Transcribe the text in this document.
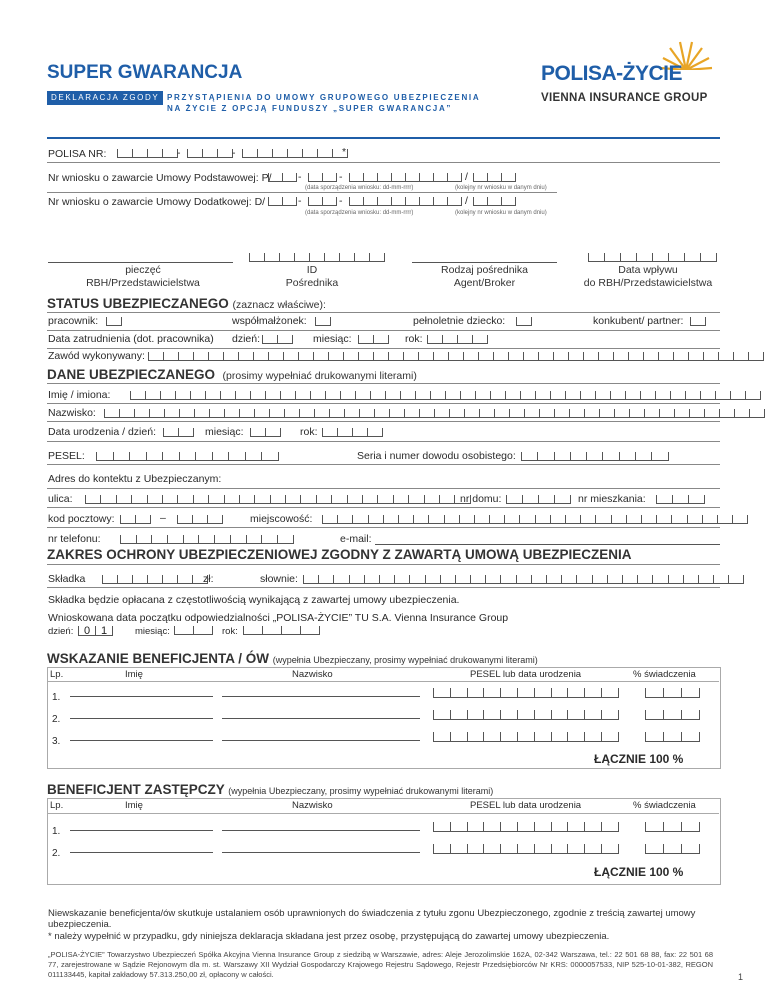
SUPER GWARANCJA
DEKLARACJA ZGODY PRZYSTĄPIENIA DO UMOWY GRUPOWEGO UBEZPIECZENIA
NA ŻYCIE Z OPCJĄ FUNDUSZY „SUPER GWARANCJA”
POLISA-ŻYCIE
VIENNA INSURANCE GROUP
POLISA NR:	-	-	*
Nr wniosku o zawarcie Umowy Podstawowej: P/	-	-	/
(data sporządzenia wniosku: dd-mm-rrrr)	(kolejny nr wniosku w danym dniu)
Nr wniosku o zawarcie Umowy Dodatkowej: D/	-	-	/
(data sporządzenia wniosku: dd-mm-rrrr)	(kolejny nr wniosku w danym dniu)
pieczęć
RBH/Przedstawicielstwa
ID
Pośrednika
Rodzaj pośrednika
Agent/Broker
Data wpływu
do RBH/Przedstawicielstwa
STATUS UBEZPIECZANEGO (zaznacz właściwe):
pracownik:	współmałżonek:	pełnoletnie dziecko:	konkubent/ partner:
Data zatrudnienia (dot. pracownika) dzień:	miesiąc:	rok:
Zawód wykonywany:
DANE UBEZPIECZANEGO (prosimy wypełniać drukowanymi literami)
Imię / imiona:
Nazwisko:
Data urodzenia / dzień:	miesiąc:	rok:
PESEL:	Seria i numer dowodu osobistego:
Adres do kontektu z Ubezpieczanym:
ulica:	nr domu:	nr mieszkania:
kod pocztowy:	–	miejscowość:
nr telefonu:	e-mail:
ZAKRES OCHRONY UBEZPIECZENIOWEJ ZGODNY Z ZAWARTĄ UMOWĄ UBEZPIECZENIA
Składka	zł:	słownie:
Składka będzie opłacana z częstotliwością wynikającą z zawartej umowy ubezpieczenia.
Wnioskowana data początku odpowiedzialności „POLISA-ŻYCIE” TU S.A. Vienna Insurance Group
dzień: 0 1	miesiąc:	rok:
WSKAZANIE BENEFICJENTA / ÓW (wypełnia Ubezpieczany, prosimy wypełniać drukowanymi literami)
Lp.	Imię	Nazwisko	PESEL lub data urodzenia	% świadczenia
1.
2.
3.
ŁĄCZNIE 100 %
BENEFICJENT ZASTĘPCZY (wypełnia Ubezpieczany, prosimy wypełniać drukowanymi literami)
Lp.	Imię	Nazwisko	PESEL lub data urodzenia	% świadczenia
1.
2.
ŁĄCZNIE 100 %
Niewskazanie beneficjenta/ów skutkuje ustalaniem osób uprawnionych do świadczenia z tytułu zgonu Ubezpieczonego, zgodnie z treścią zawartej umowy ubezpieczenia.
* należy wypełnić w przypadku, gdy niniejsza deklaracja składana jest przez osobę, przystępującą do zawartej umowy ubezpieczenia.
„POLISA-ŻYCIE” Towarzystwo Ubezpieczeń Spółka Akcyjna Vienna Insurance Group z siedzibą w Warszawie, adres: Aleje Jerozolimskie 162A, 02-342 Warszawa, tel.: 22 501 68 88, fax: 22 501 68 77, zarejestrowane w Sądzie Rejonowym dla m. st. Warszawy XII Wydział Gospodarczy Krajowego Rejestru Sądowego, Rejestr Przedsiębiorców Nr KRS: 0000057533, NIP 525-10-01-382, REGON 011133445, kapitał zakładowy 57.313.250,00 zł, opłacony w całości.	1
